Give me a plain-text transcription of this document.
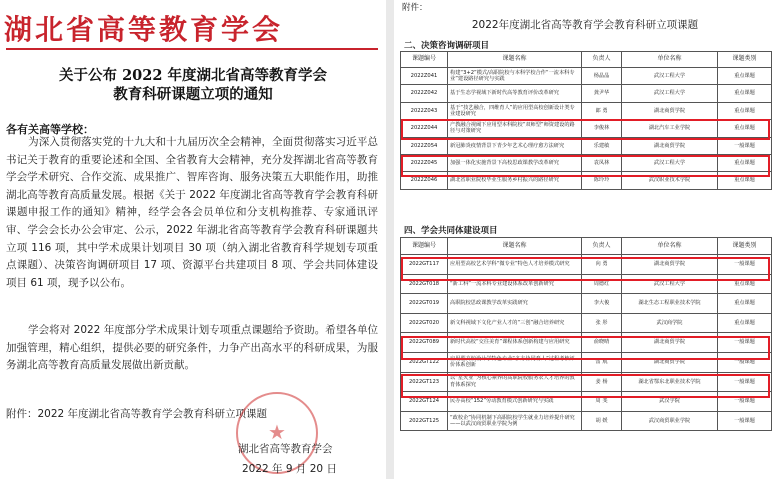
湖北省高等教育学会
关于公布 2022 年度湖北省高等教育学会
教育科研课题立项的通知
各有关高等学校：
为深入贯彻落实党的十九大和十九届历次全会精神，全面贯彻落实习近平总书记关于教育的重要论述和全国、全省教育大会精神，充分发挥湖北省高等教育学会学术研究、合作交流、成果推广、智库咨询、服务决策五大职能作用，助推湖北高等教育高质量发展。根据《关于 2022 年度湖北省高等教育学会教育科研课题申报工作的通知》精神，经学会各会员单位和分支机构推荐、专家通讯评审、学会会长办公会审定、公示，2022 年湖北省高等教育学会教育科研课题共立项 116 项，其中学术成果计划项目 30 项（纳入湖北省教育科学规划专项重点课题）、决策咨询调研项目 17 项、资源平台共建项目 8 项、学会共同体建设项目 61 项，现予以公布。
学会将对 2022 年度部分学术成果计划专项重点课题给予资助。希望各单位加强管理，精心组织，提供必要的研究条件，力争产出高水平的科研成果，为服务湖北高等教育高质量发展做出新贡献。
附件：2022 年度湖北省高等教育学会教育科研立项课题
★
湖北省高等教育学会
2022 年 9 月 20 日
附件：
2022年度湖北省高等教育学会教育科研立项课题
二、决策咨询调研项目
课题编号	课题名称	负责人	单位名称	课题类别
2022Z041	构建“3+2”模式/高职院校与本科学校合作“一流本科专业”建设路径研究与实践	杨晶晶	武汉工程大学	重点课题
2022Z042	基于生态学视域下新时代高等教育评价改革研究	龚尹华	武汉工程大学	重点课题
2022Z043	基于“技艺融合，四维育人”的应用型高校创新设计类专业建设研究	郎 勇	湖北商贸学院	重点课题
2022Z044	产教融合视阈下应用型本科院校“双师型”师资建设的路径与对策研究	李俊林	湖北汽车工业学院	重点课题
2022Z054	新冠肺炎疫情背景下青少年艺术心理疗愈方法研究	乐建敏	湖北商贸学院	一般课题
2022Z045	加强一体化实施背景下高校思政课教学改革研究	袁凤林	武汉工程大学	重点课题
2022Z046	湖北省职业院校毕业生服务乡村振兴的路径研究	陈玲玲	武汉职业技术学院	重点课题
四、学会共同体建设项目
课题编号	课题名称	负责人	单位名称	课题类别
2022GT117	应用型高校艺术学科“微专业”特色人才培养模式研究	向 勇	湖北商贸学院	一般课题
2022GT018	“新工科”一流本科专业建设体系改革创新研究	周德红	武汉工程大学	重点课题
2022GT019	高职院校思政课教学改革实践研究	李大俊	湖北生态工程职业技术学院	重点课题
2022GT020	新文科视域下文化产业人才的“三创”融合培养研究	张 彤	武汉商学院	重点课题
2022GT089	新时代高校“交往美育”课程体系创新构建与应用研究	俞晓晴	湖北商贸学院	一般课题
2022GT122	应用型高校设计学特色专业“多方协同育人”过程考核评价体系创新	雷 航	湖北商贸学院	一般课题
2022GT123	以“星火业”为核心素养的高职院校服务农人才培养的教育体系探究	姜 杨	湖北省鄂东北职业技术学院	一般课题
2022GT124	民办高校“152”劳动教育模式创新研究与实践	周 斐	武汉学院	一般课题
2022GT125	“政校企”协同机制下高职院校学生就业力培养提升研究——以武汉商贸职业学院为例	胡 媛	武汉商贸职业学院	一般课题
